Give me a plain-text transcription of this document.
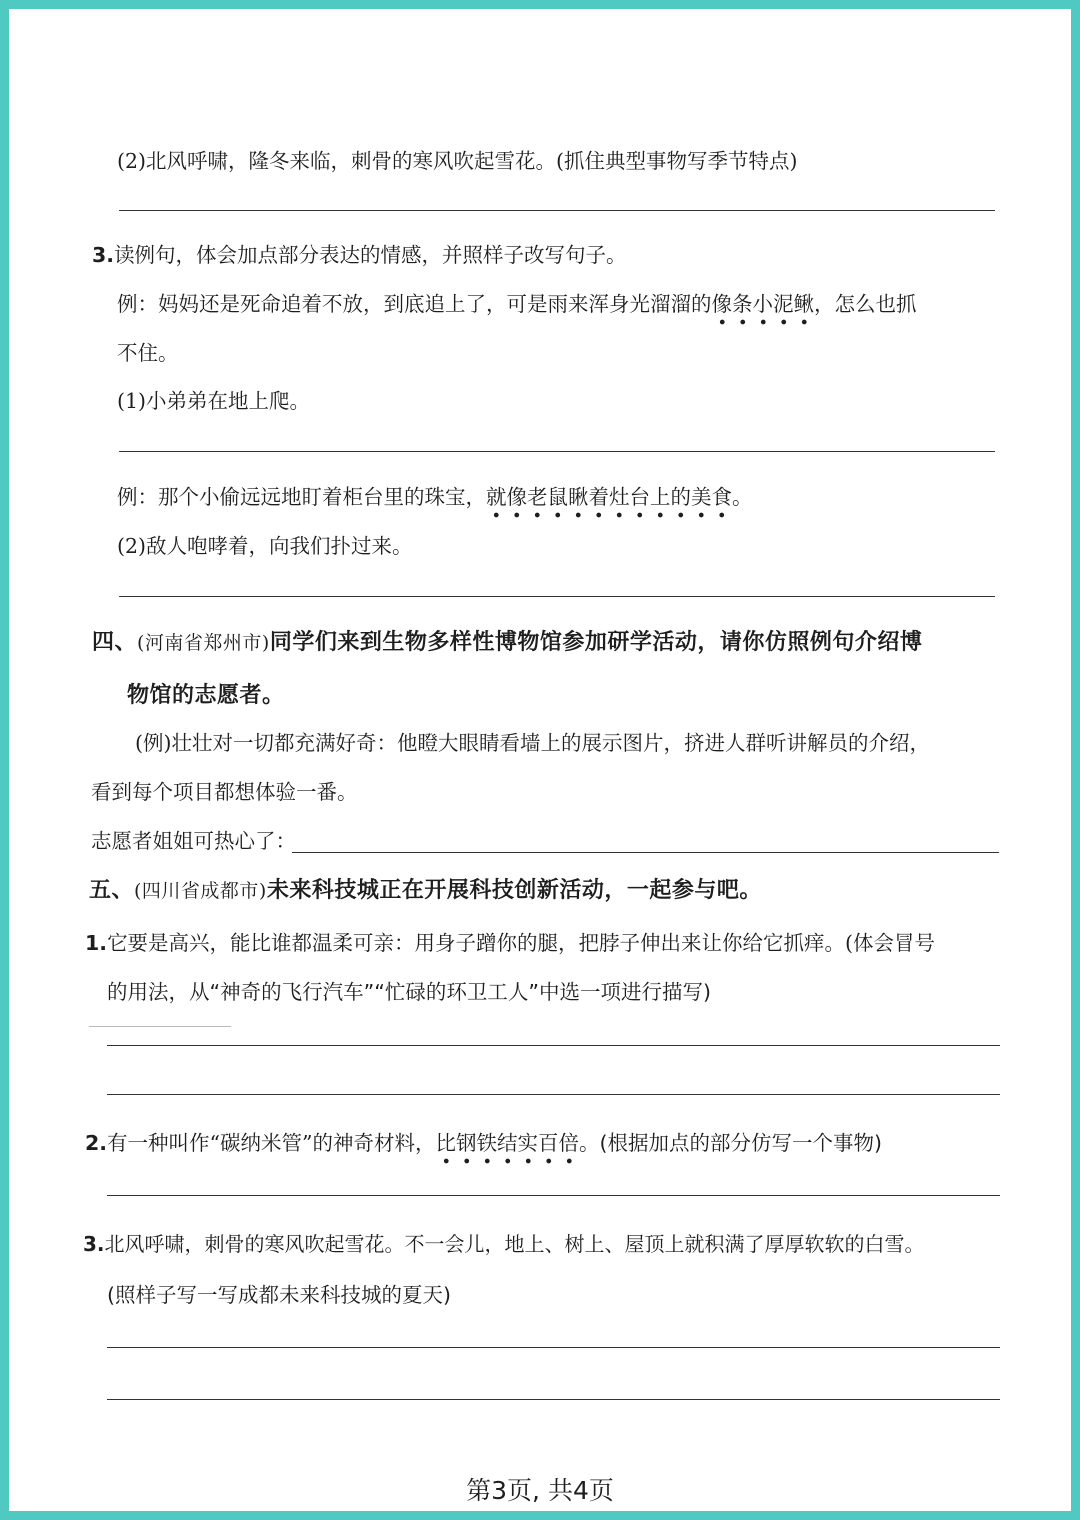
(2)北风呼啸，隆冬来临，刺骨的寒风吹起雪花。(抓住典型事物写季节特点)
3.读例句，体会加点部分表达的情感，并照样子改写句子。
例：妈妈还是死命追着不放，到底追上了，可是雨来浑身光溜溜的像条小泥鳅，怎么也抓
不住。
(1)小弟弟在地上爬。
例：那个小偷远远地盯着柜台里的珠宝，就像老鼠瞅着灶台上的美食。
(2)敌人咆哮着，向我们扑过来。
四、(河南省郑州市)同学们来到生物多样性博物馆参加研学活动，请你仿照例句介绍博
物馆的志愿者。
(例)壮壮对一切都充满好奇：他瞪大眼睛看墙上的展示图片，挤进人群听讲解员的介绍，
看到每个项目都想体验一番。
志愿者姐姐可热心了：
五、(四川省成都市)未来科技城正在开展科技创新活动，一起参与吧。
1.它要是高兴，能比谁都温柔可亲：用身子蹭你的腿，把脖子伸出来让你给它抓痒。(体会冒号
的用法，从“神奇的飞行汽车”“忙碌的环卫工人”中选一项进行描写)
2.有一种叫作“碳纳米管”的神奇材料，比钢铁结实百倍。(根据加点的部分仿写一个事物)
3.北风呼啸，刺骨的寒风吹起雪花。不一会儿，地上、树上、屋顶上就积满了厚厚软软的白雪。
(照样子写一写成都未来科技城的夏天)
第3页, 共4页
